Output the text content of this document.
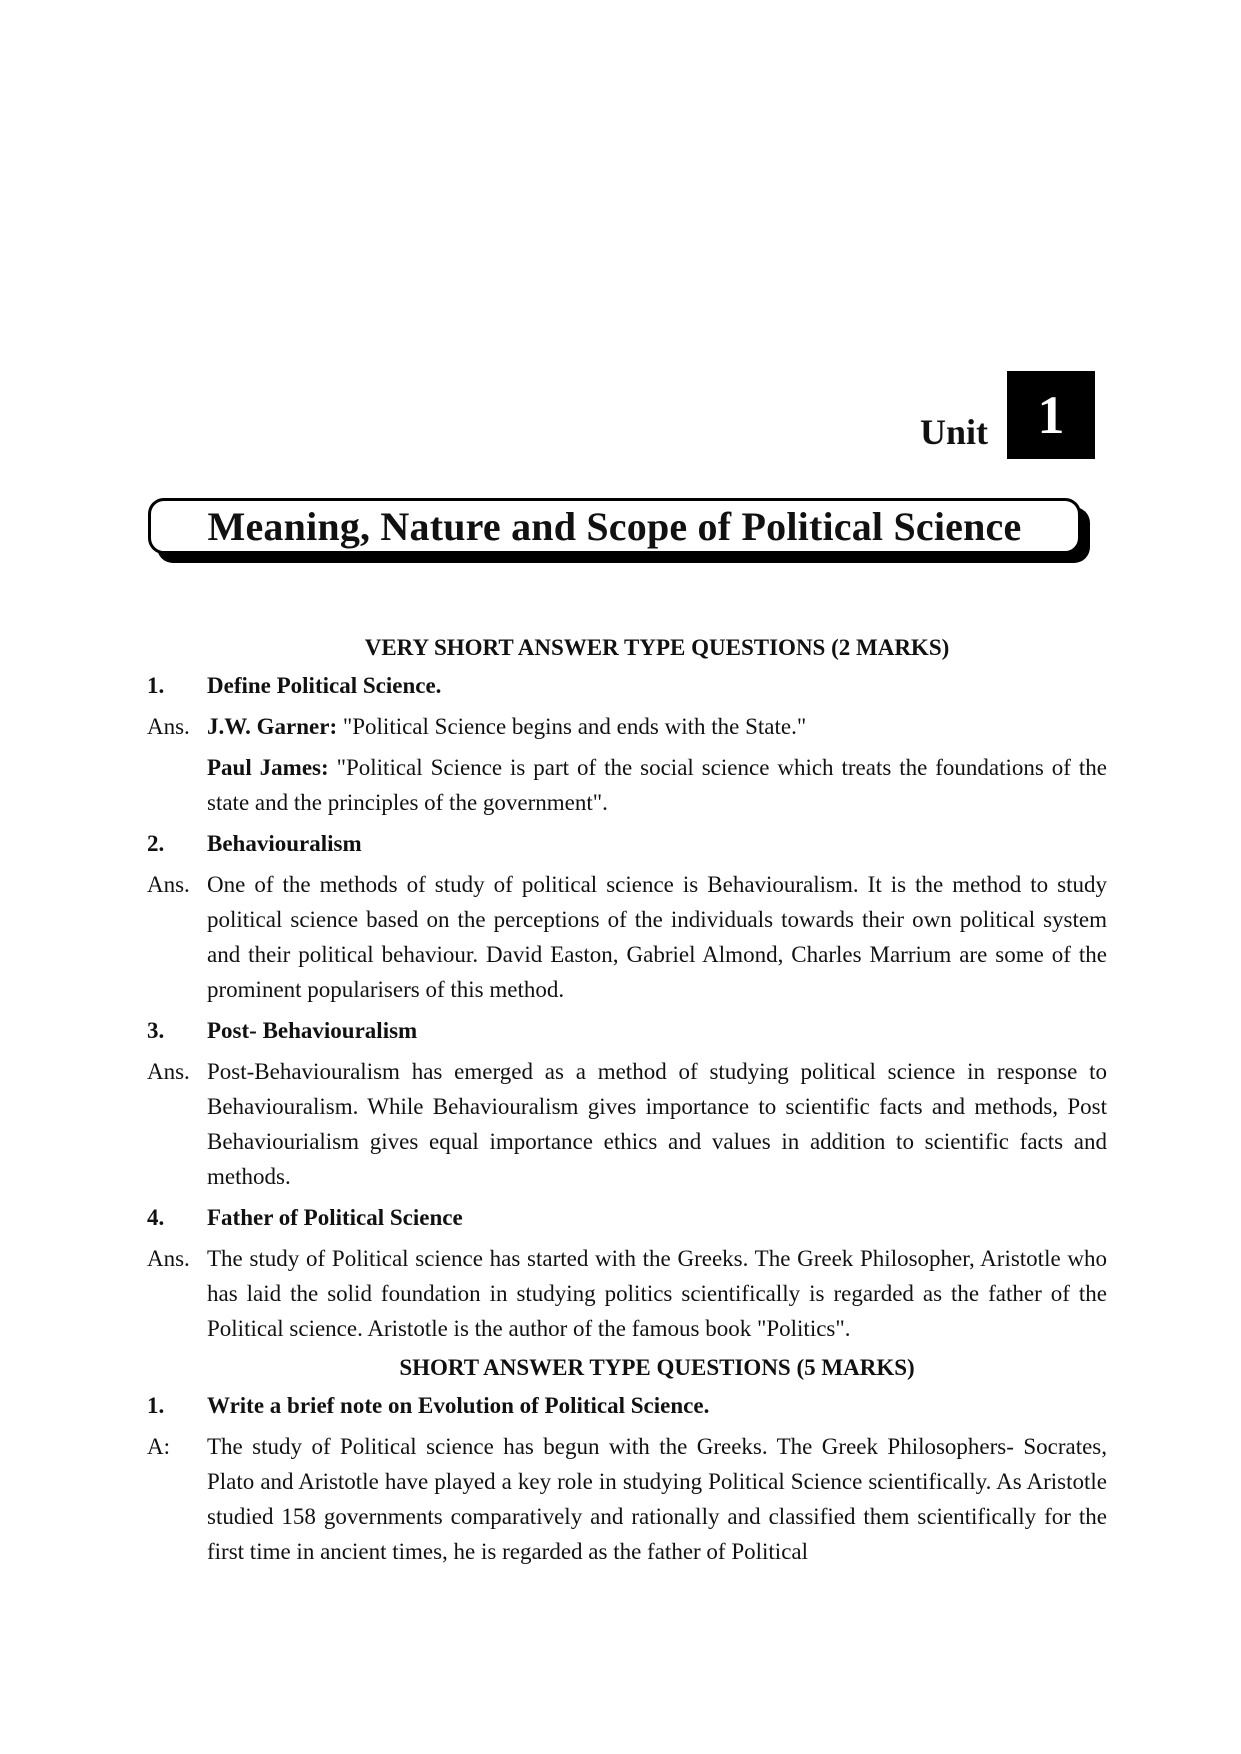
Unit 1
Meaning, Nature and Scope of Political Science
VERY SHORT ANSWER TYPE QUESTIONS (2 MARKS)
1.	Define Political Science.
Ans. J.W. Garner: "Political Science begins and ends with the State."
Paul James: "Political Science is part of the social science which treats the foundations of the state and the principles of the government".
2.	Behaviouralism
Ans. One of the methods of study of political science is Behaviouralism. It is the method to study political science based on the perceptions of the individuals towards their own political system and their political behaviour. David Easton, Gabriel Almond, Charles Marrium are some of the prominent popularisers of this method.
3.	Post- Behaviouralism
Ans. Post-Behaviouralism has emerged as a method of studying political science in response to Behaviouralism. While Behaviouralism gives importance to scientific facts and methods, Post Behaviourialism gives equal importance ethics and values in addition to scientific facts and methods.
4.	Father of Political Science
Ans. The study of Political science has started with the Greeks. The Greek Philosopher, Aristotle who has laid the solid foundation in studying politics scientifically is regarded as the father of the Political science. Aristotle is the author of the famous book "Politics".
SHORT ANSWER TYPE QUESTIONS (5 MARKS)
1.	Write a brief note on Evolution of Political Science.
A:	The study of Political science has begun with the Greeks. The Greek Philosophers- Socrates, Plato and Aristotle have played a key role in studying Political Science scientifically. As Aristotle studied 158 governments comparatively and rationally and classified them scientifically for the first time in ancient times, he is regarded as the father of Political
